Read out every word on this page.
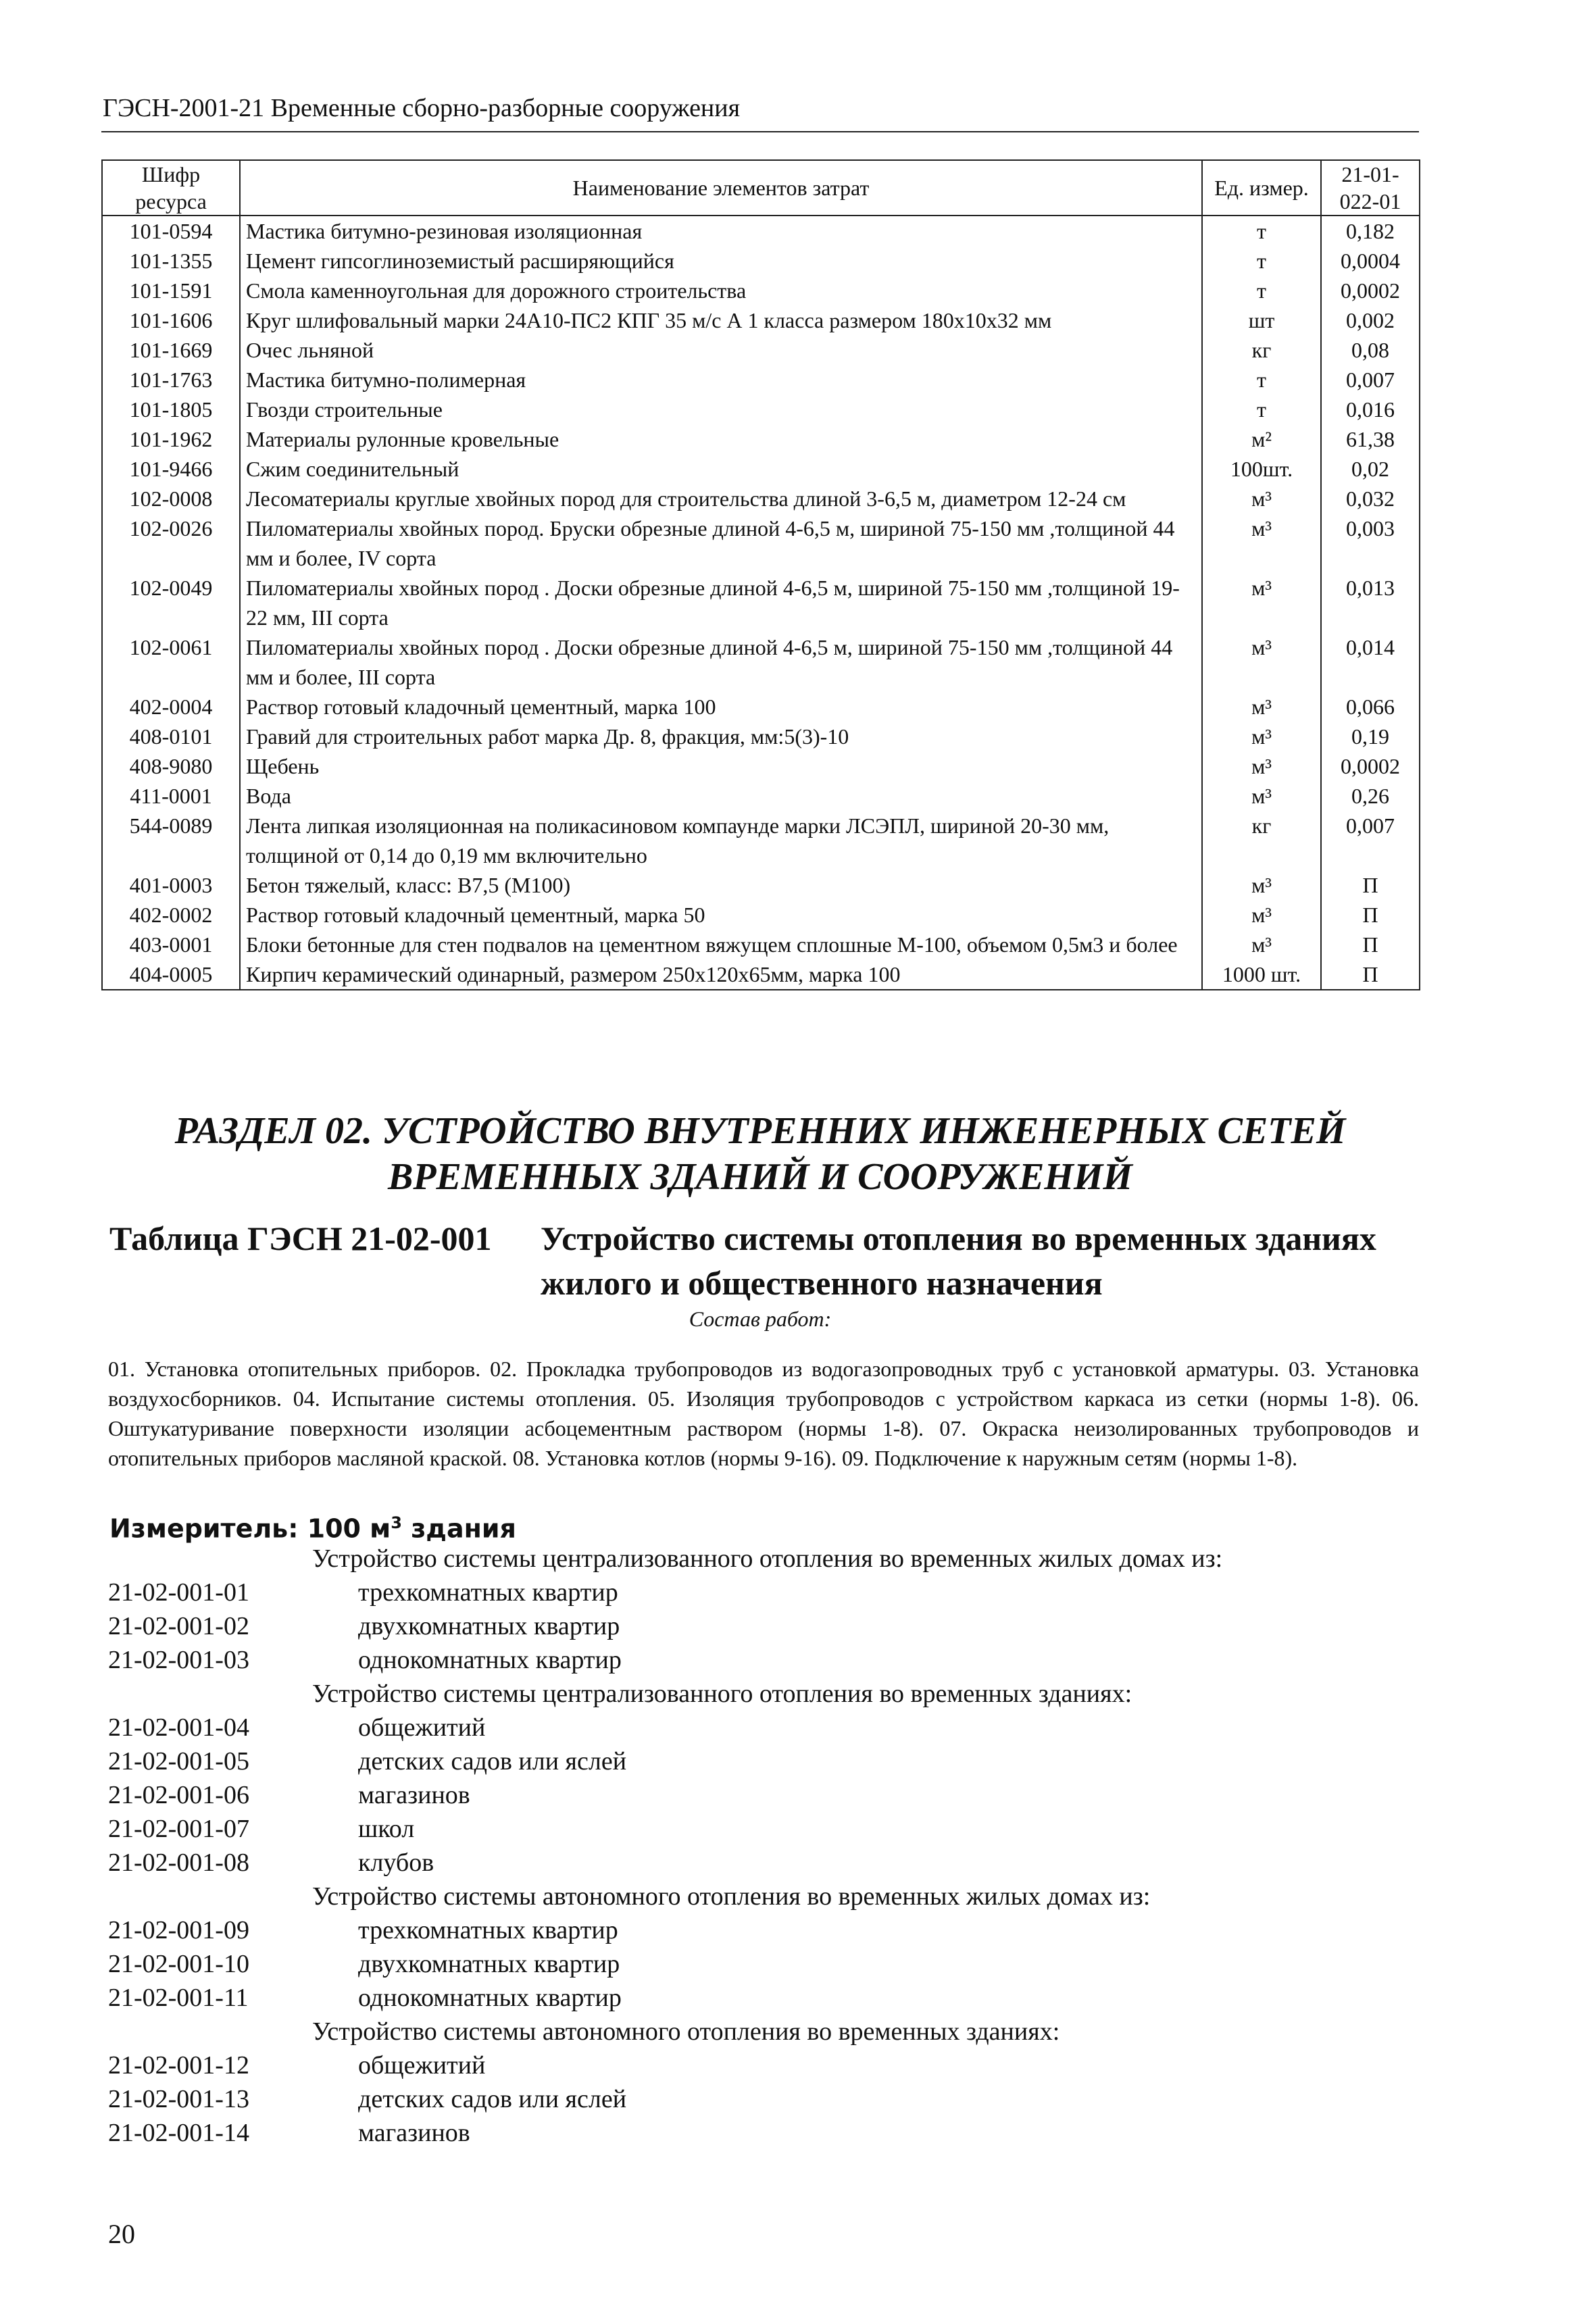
ГЭСН-2001-21 Временные сборно-разборные сооружения
Шифр ресурса	Наименование элементов затрат	Ед. измер.	21-01-022-01
101-0594	Мастика битумно-резиновая изоляционная	т	0,182
101-1355	Цемент гипсоглиноземистый расширяющийся	т	0,0004
101-1591	Смола каменноугольная для дорожного строительства	т	0,0002
101-1606	Круг шлифовальный марки 24А10-ПС2 КПГ 35 м/с А 1 класса размером 180х10х32 мм	шт	0,002
101-1669	Очес льняной	кг	0,08
101-1763	Мастика битумно-полимерная	т	0,007
101-1805	Гвозди строительные	т	0,016
101-1962	Материалы рулонные кровельные	м²	61,38
101-9466	Сжим соединительный	100шт.	0,02
102-0008	Лесоматериалы круглые хвойных пород для строительства длиной 3-6,5 м, диаметром 12-24 см	м³	0,032
102-0026	Пиломатериалы хвойных пород. Бруски обрезные длиной 4-6,5 м, шириной 75-150 мм ,толщиной 44 мм и более, IV сорта	м³	0,003
102-0049	Пиломатериалы хвойных пород . Доски обрезные длиной 4-6,5 м, шириной 75-150 мм ,толщиной 19-22 мм, III сорта	м³	0,013
102-0061	Пиломатериалы хвойных пород . Доски обрезные длиной 4-6,5 м, шириной 75-150 мм ,толщиной 44 мм и более, III сорта	м³	0,014
402-0004	Раствор готовый кладочный цементный, марка 100	м³	0,066
408-0101	Гравий для строительных работ марка Др. 8, фракция, мм:5(3)-10	м³	0,19
408-9080	Щебень	м³	0,0002
411-0001	Вода	м³	0,26
544-0089	Лента липкая изоляционная на поликасиновом компаунде марки ЛСЭПЛ, шириной 20-30 мм, толщиной от 0,14 до 0,19 мм включительно	кг	0,007
401-0003	Бетон тяжелый, класс: В7,5 (М100)	м³	П
402-0002	Раствор готовый кладочный цементный, марка 50	м³	П
403-0001	Блоки бетонные для стен подвалов на цементном вяжущем сплошные М-100, объемом 0,5м3 и более	м³	П
404-0005	Кирпич керамический одинарный, размером 250х120х65мм, марка 100	1000 шт.	П
РАЗДЕЛ 02. УСТРОЙСТВО ВНУТРЕННИХ ИНЖЕНЕРНЫХ СЕТЕЙ ВРЕМЕННЫХ ЗДАНИЙ И СООРУЖЕНИЙ
Таблица ГЭСН 21-02-001 Устройство системы отопления во временных зданиях жилого и общественного назначения
Состав работ:
01. Установка отопительных приборов. 02. Прокладка трубопроводов из водогазопроводных труб с установкой арматуры. 03. Установка воздухосборников. 04. Испытание системы отопления. 05. Изоляция трубопроводов с устройством каркаса из сетки (нормы 1-8). 06. Оштукатуривание поверхности изоляции асбоцементным раствором (нормы 1-8). 07. Окраска неизолированных трубопроводов и отопительных приборов масляной краской. 08. Установка котлов (нормы 9-16). 09. Подключение к наружным сетям (нормы 1-8).
Измеритель: 100 $м^3$ здания
Устройство системы централизованного отопления во временных жилых домах из:
21-02-001-01	трехкомнатных квартир
21-02-001-02	двухкомнатных квартир
21-02-001-03	однокомнатных квартир
Устройство системы централизованного отопления во временных зданиях:
21-02-001-04	общежитий
21-02-001-05	детских садов или яслей
21-02-001-06	магазинов
21-02-001-07	школ
21-02-001-08	клубов
Устройство системы автономного отопления во временных жилых домах из:
21-02-001-09	трехкомнатных квартир
21-02-001-10	двухкомнатных квартир
21-02-001-11	однокомнатных квартир
Устройство системы автономного отопления во временных зданиях:
21-02-001-12	общежитий
21-02-001-13	детских садов или яслей
21-02-001-14	магазинов
20
